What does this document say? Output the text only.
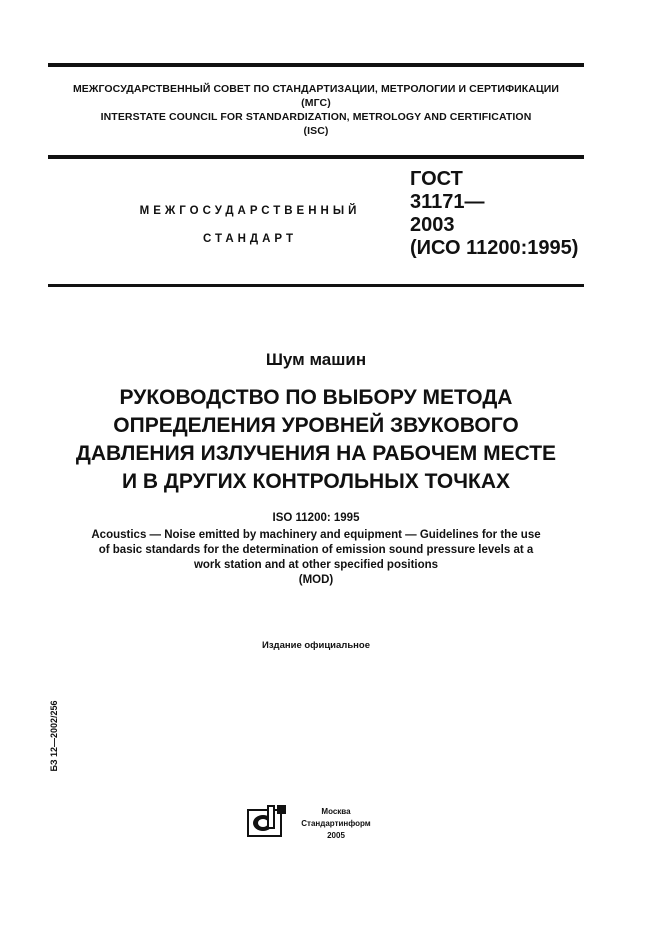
МЕЖГОСУДАРСТВЕННЫЙ СОВЕТ ПО СТАНДАРТИЗАЦИИ, МЕТРОЛОГИИ И СЕРТИФИКАЦИИ
(МГС)
INTERSTATE COUNCIL FOR STANDARDIZATION, METROLOGY AND CERTIFICATION
(ISC)
МЕЖГОСУДАРСТВЕННЫЙ
СТАНДАРТ
ГОСТ
31171—
2003
(ИСО 11200:1995)
Шум машин
РУКОВОДСТВО ПО ВЫБОРУ МЕТОДА
ОПРЕДЕЛЕНИЯ УРОВНЕЙ ЗВУКОВОГО
ДАВЛЕНИЯ ИЗЛУЧЕНИЯ НА РАБОЧЕМ МЕСТЕ
И В ДРУГИХ КОНТРОЛЬНЫХ ТОЧКАХ
ISO 11200: 1995
Acoustics — Noise emitted by machinery and equipment — Guidelines for the use
of basic standards for the determination of emission sound pressure levels at a
work station and at other specified positions
(MOD)
Издание официальное
БЗ 12—2002/256
Москва
Стандартинформ
2005
